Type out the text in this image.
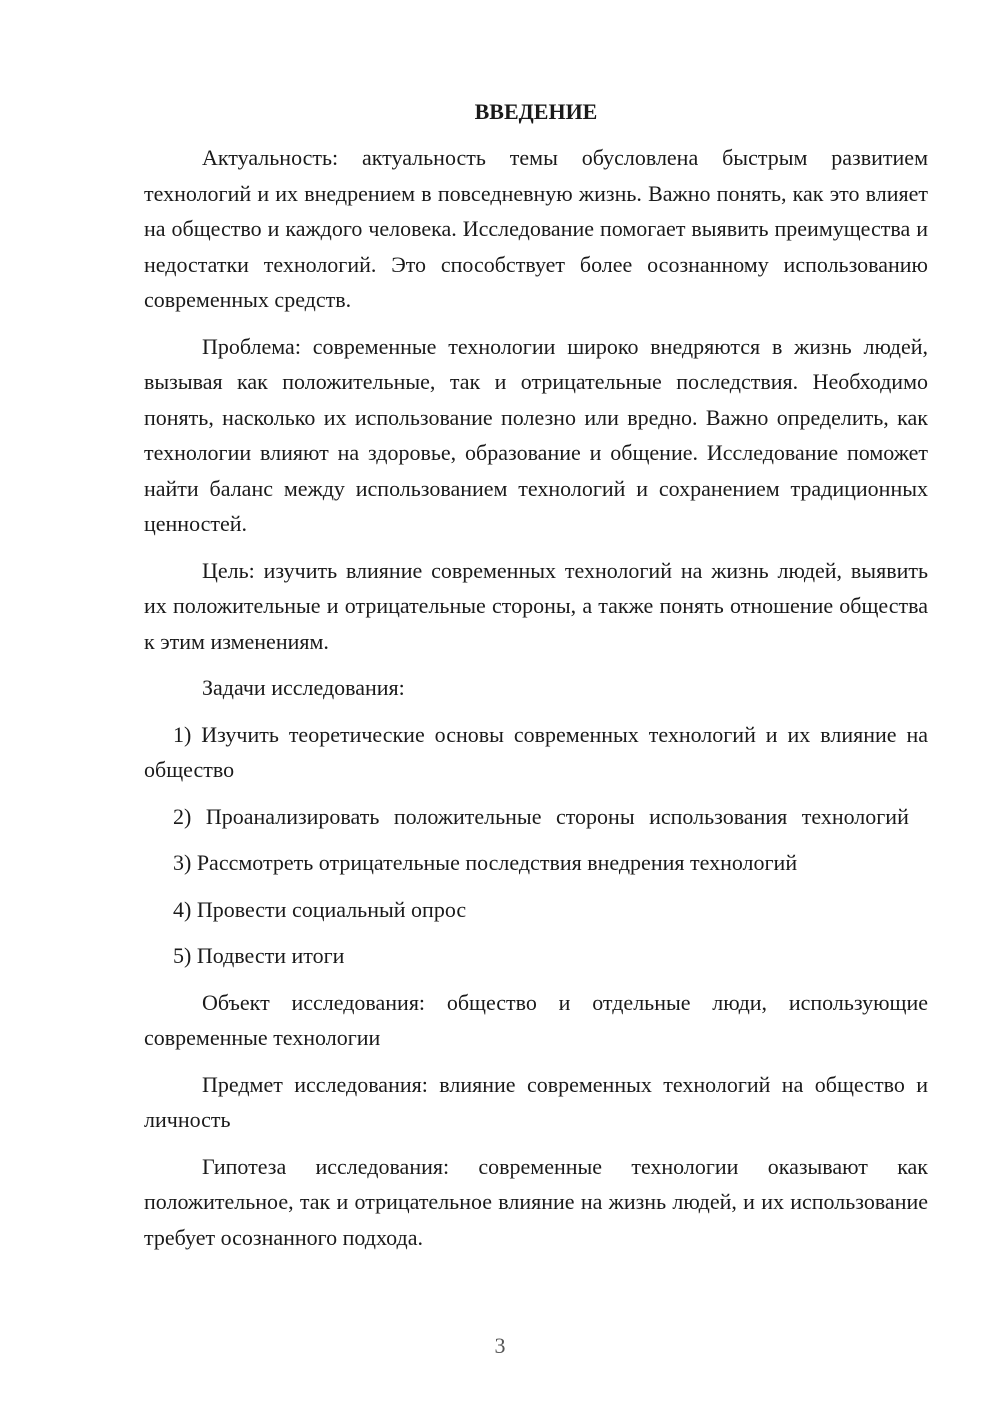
ВВЕДЕНИЕ

Актуальность: актуальность темы обусловлена быстрым развитием технологий и их внедрением в повседневную жизнь. Важно понять, как это влияет на общество и каждого человека. Исследование помогает выявить преимущества и недостатки технологий. Это способствует более осознанному использованию современных средств.

Проблема: современные технологии широко внедряются в жизнь людей, вызывая как положительные, так и отрицательные последствия. Необходимо понять, насколько их использование полезно или вредно. Важно определить, как технологии влияют на здоровье, образование и общение. Исследование поможет найти баланс между использованием технологий и сохранением традиционных ценностей.

Цель: изучить влияние современных технологий на жизнь людей, выявить их положительные и отрицательные стороны, а также понять отношение общества к этим изменениям.

Задачи исследования:

1) Изучить теоретические основы современных технологий и их влияние на общество

2) Проанализировать положительные стороны использования технологий

3) Рассмотреть отрицательные последствия внедрения технологий

4) Провести социальный опрос

5) Подвести итоги

Объект исследования: общество и отдельные люди, использующие современные технологии

Предмет исследования: влияние современных технологий на общество и личность

Гипотеза исследования: современные технологии оказывают как положительное, так и отрицательное влияние на жизнь людей, и их использование требует осознанного подхода.

3
